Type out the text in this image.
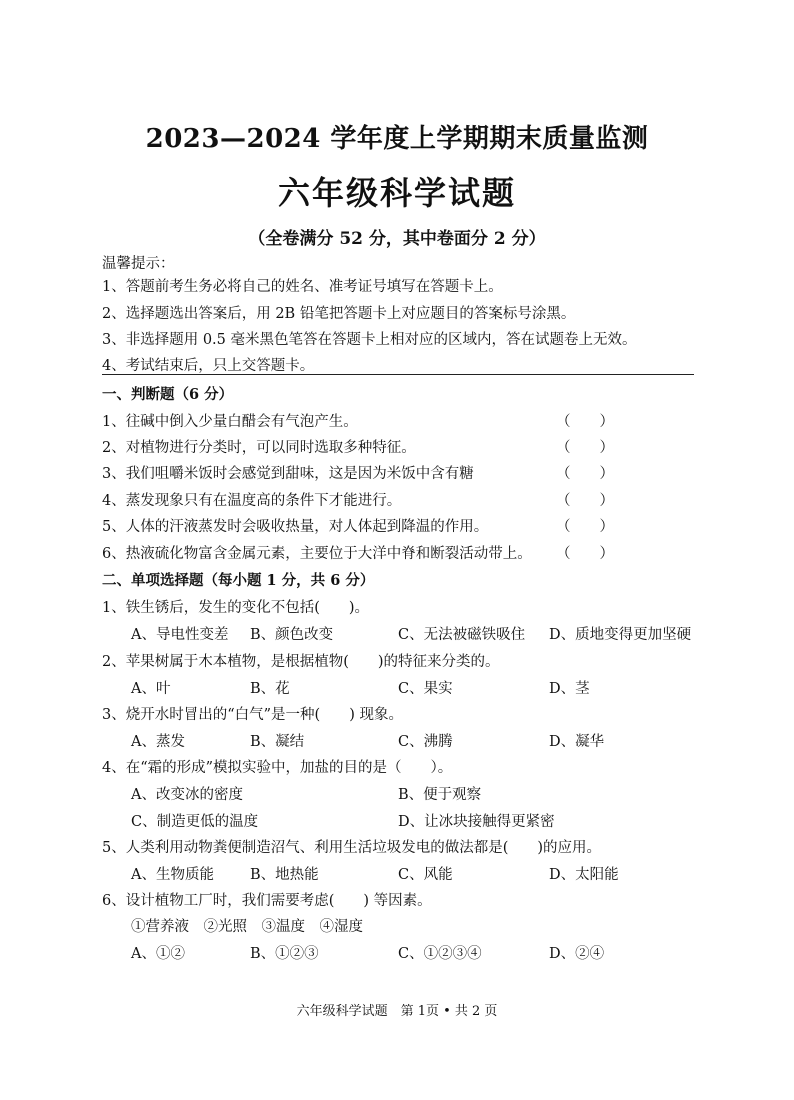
2023—2024 学年度上学期期末质量监测
六年级科学试题
（全卷满分 52 分，其中卷面分 2 分）
温馨提示：
1、答题前考生务必将自己的姓名、准考证号填写在答题卡上。
2、选择题选出答案后，用 2B 铅笔把答题卡上对应题目的答案标号涂黑。
3、非选择题用 0.5 毫米黑色笔答在答题卡上相对应的区域内，答在试题卷上无效。
4、考试结束后，只上交答题卡。
一、判断题（6 分）
1、往碱中倒入少量白醋会有气泡产生。	（　　）
2、对植物进行分类时，可以同时选取多种特征。	（　　）
3、我们咀嚼米饭时会感觉到甜味，这是因为米饭中含有糖	（　　）
4、蒸发现象只有在温度高的条件下才能进行。	（　　）
5、人体的汗液蒸发时会吸收热量，对人体起到降温的作用。	（　　）
6、热液硫化物富含金属元素，主要位于大洋中脊和断裂活动带上。 （　　）
二、单项选择题（每小题 1 分，共 6 分）
1、铁生锈后，发生的变化不包括(　　)。
A、导电性变差 B、颜色改变	C、无法被磁铁吸住 D、质地变得更加坚硬
2、苹果树属于木本植物，是根据植物(　　)的特征来分类的。
A、叶	B、花	C、果实	D、茎
3、烧开水时冒出的“白气”是一种(　　) 现象。
A、蒸发	B、凝结	C、沸腾	D、凝华
4、在“霜的形成”模拟实验中，加盐的目的是（　　）。
A、改变冰的密度	B、便于观察
C、制造更低的温度	D、让冰块接触得更紧密
5、人类利用动物粪便制造沼气、利用生活垃圾发电的做法都是(　　)的应用。
A、生物质能 B、地热能	C、风能	D、太阳能
6、设计植物工厂时，我们需要考虑(　　) 等因素。
①营养液　②光照　③温度　④湿度
A、①②	B、①②③	C、①②③④	D、②④
六年级科学试题　第 1页 • 共 2 页
